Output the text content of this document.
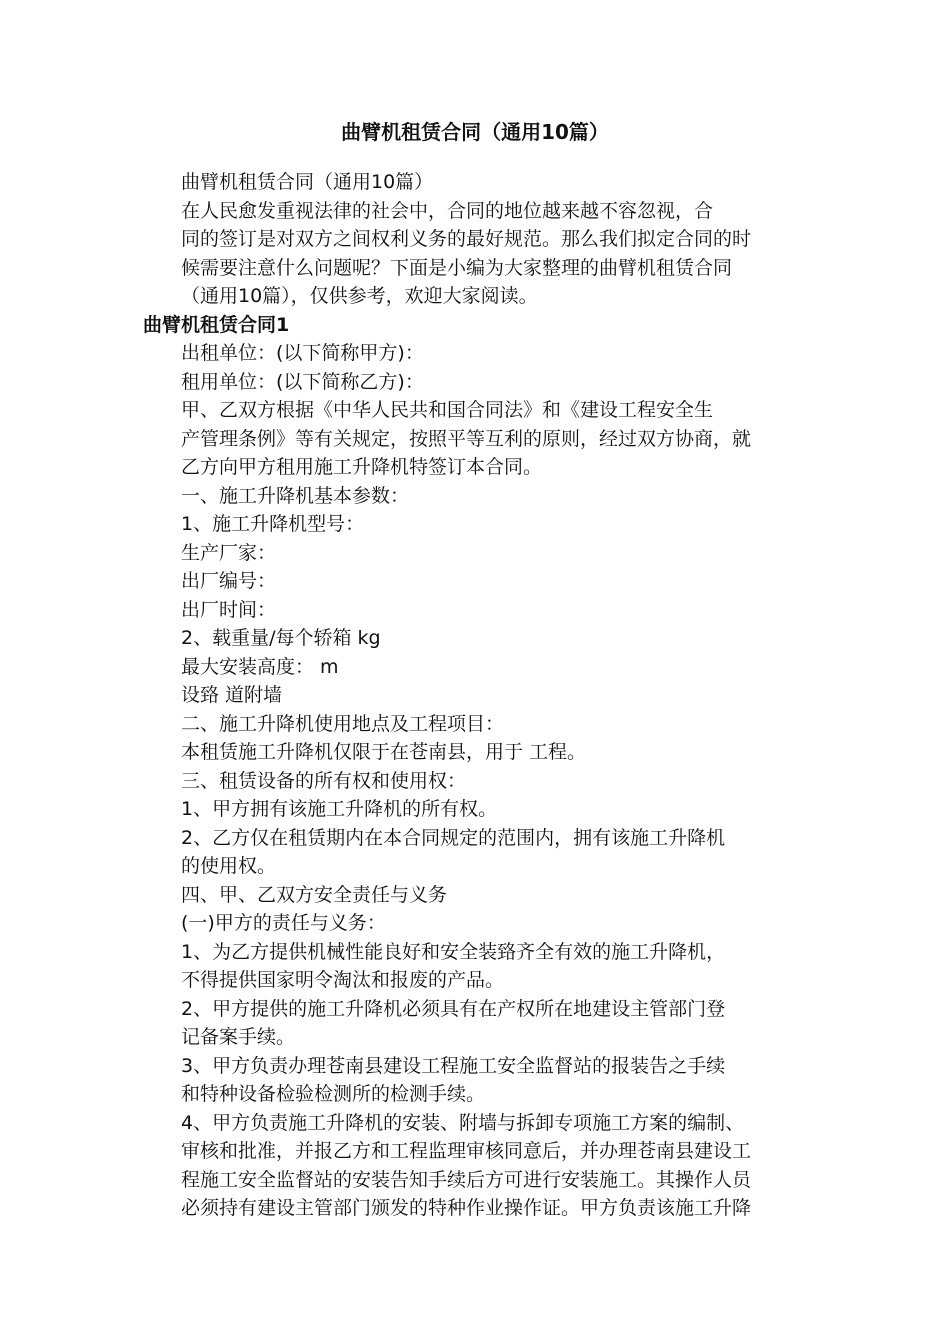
曲臂机租赁合同（通用10篇）
曲臂机租赁合同（通用10篇）
在人民愈发重视法律的社会中，合同的地位越来越不容忽视，合
同的签订是对双方之间权利义务的最好规范。那么我们拟定合同的时
候需要注意什么问题呢？下面是小编为大家整理的曲臂机租赁合同
（通用10篇），仅供参考，欢迎大家阅读。
曲臂机租赁合同1
出租单位：(以下简称甲方)：
租用单位：(以下简称乙方)：
甲、乙双方根据《中华人民共和国合同法》和《建设工程安全生
产管理条例》等有关规定，按照平等互利的原则，经过双方协商，就
乙方向甲方租用施工升降机特签订本合同。
一、施工升降机基本参数：
1、施工升降机型号：
生产厂家：
出厂编号：
出厂时间：
2、载重量/每个轿箱 kg
最大安装高度： m
设臵 道附墙
二、施工升降机使用地点及工程项目：
本租赁施工升降机仅限于在苍南县，用于 工程。
三、租赁设备的所有权和使用权：
1、甲方拥有该施工升降机的所有权。
2、乙方仅在租赁期内在本合同规定的范围内，拥有该施工升降机
的使用权。
四、甲、乙双方安全责任与义务
(一)甲方的责任与义务：
1、为乙方提供机械性能良好和安全装臵齐全有效的施工升降机，
不得提供国家明令淘汰和报废的产品。
2、甲方提供的施工升降机必须具有在产权所在地建设主管部门登
记备案手续。
3、甲方负责办理苍南县建设工程施工安全监督站的报装告之手续
和特种设备检验检测所的检测手续。
4、甲方负责施工升降机的安装、附墙与拆卸专项施工方案的编制、
审核和批准，并报乙方和工程监理审核同意后，并办理苍南县建设工
程施工安全监督站的安装告知手续后方可进行安装施工。其操作人员
必须持有建设主管部门颁发的特种作业操作证。甲方负责该施工升降
